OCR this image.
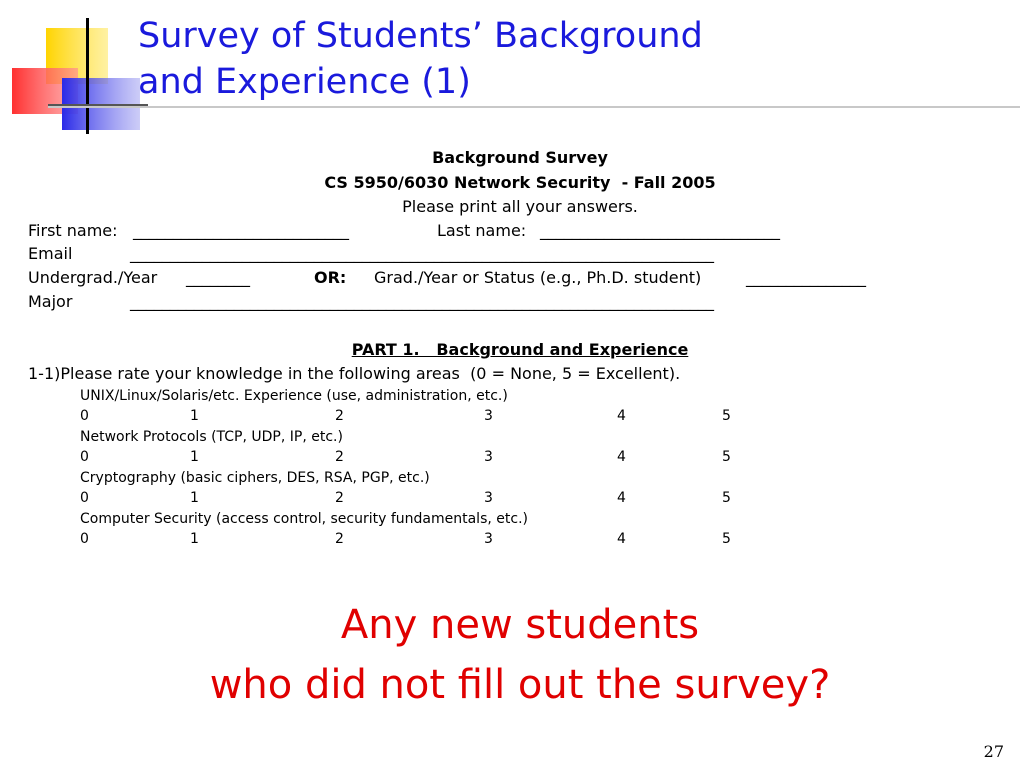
Survey of Students’ Background
and Experience (1)
Background Survey
CS 5950/6030 Network Security  - Fall 2005
Please print all your answers.
First name: ___________________________	Last name: ______________________________
Email	_________________________________________________________________________
Undergrad./Year ________	OR: Grad./Year or Status (e.g., Ph.D. student)	_______________
Major	_________________________________________________________________________
PART 1.   Background and Experience
1-1)Please rate your knowledge in the following areas  (0 = None, 5 = Excellent).
UNIX/Linux/Solaris/etc. Experience (use, administration, etc.)
0	1	2	3	4	5
Network Protocols (TCP, UDP, IP, etc.)
0	1	2	3	4	5
Cryptography (basic ciphers, DES, RSA, PGP, etc.)
0	1	2	3	4	5
Computer Security (access control, security fundamentals, etc.)
0	1	2	3	4	5
Any new students
who did not fill out the survey?
27
